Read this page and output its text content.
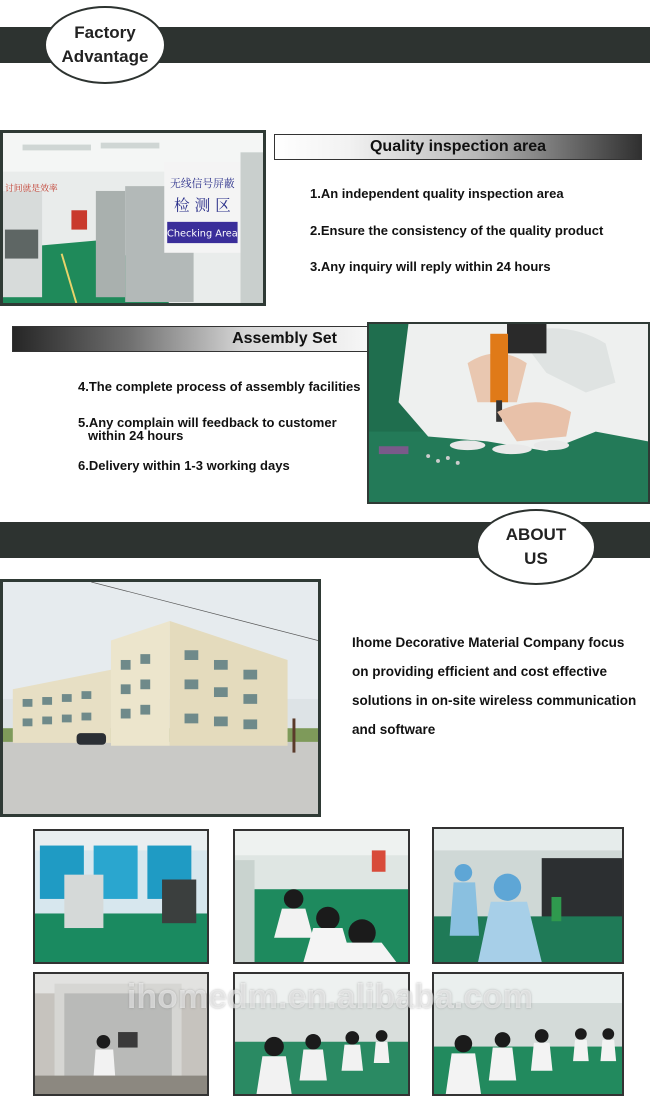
Factory
Advantage
无线信号屏蔽
检 测 区
Checking Area
讨间就是效率
Quality inspection area
1.An independent quality inspection area
2.Ensure the consistency of the quality product
3.Any inquiry will reply within 24 hours
Assembly Set
4.The complete process of assembly facilities
5.Any complain will feedback to customer
within 24 hours
6.Delivery within 1-3 working days
ABOUT
US
Ihome Decorative Material Company focus
on providing efficient and cost effective
solutions in on-site wireless communication
and software
ihomedm.en.alibaba.com
